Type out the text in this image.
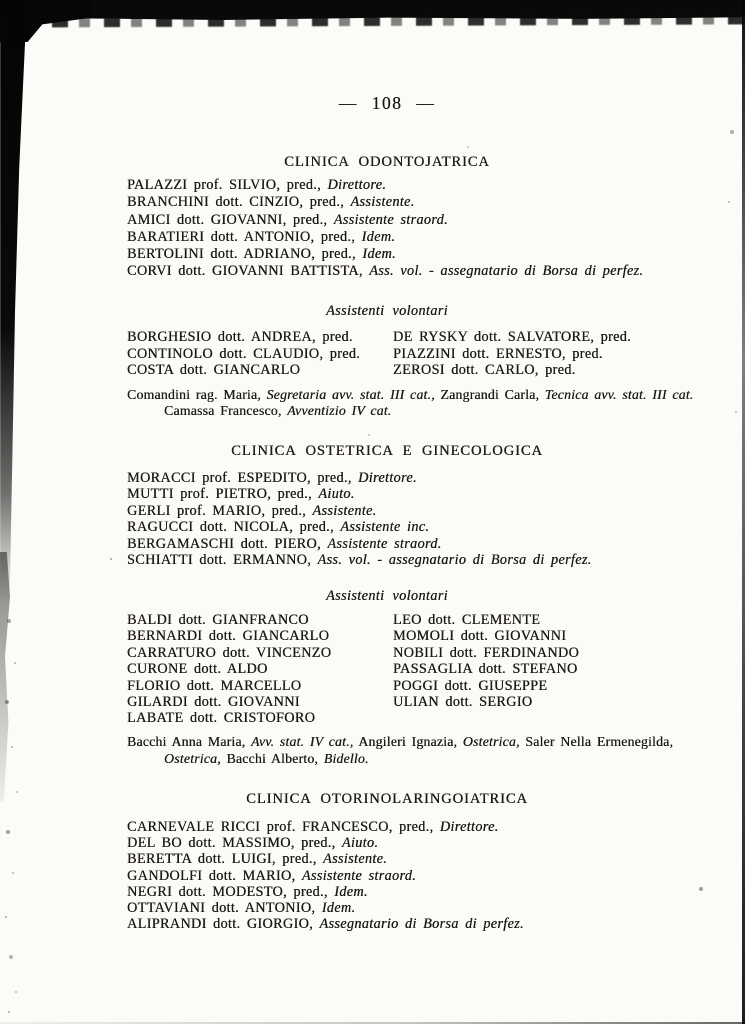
— 108 —
CLINICA ODONTOJATRICA
PALAZZI prof. SILVIO, pred., Direttore.
BRANCHINI dott. CINZIO, pred., Assistente.
AMICI dott. GIOVANNI, pred., Assistente straord.
BARATIERI dott. ANTONIO, pred., Idem.
BERTOLINI dott. ADRIANO, pred., Idem.
CORVI dott. GIOVANNI BATTISTA, Ass. vol. - assegnatario di Borsa di perfez.
Assistenti volontari
BORGHESIO dott. ANDREA, pred.
CONTINOLO dott. CLAUDIO, pred.
COSTA dott. GIANCARLO
DE RYSKY dott. SALVATORE, pred.
PIAZZINI dott. ERNESTO, pred.
ZEROSI dott. CARLO, pred.
Comandini rag. Maria, Segretaria avv. stat. III cat., Zangrandi Carla, Tecnica avv. stat. III cat.
Camassa Francesco, Avventizio IV cat.
CLINICA OSTETRICA E GINECOLOGICA
MORACCI prof. ESPEDITO, pred., Direttore.
MUTTI prof. PIETRO, pred., Aiuto.
GERLI prof. MARIO, pred., Assistente.
RAGUCCI dott. NICOLA, pred., Assistente inc.
BERGAMASCHI dott. PIERO, Assistente straord.
SCHIATTI dott. ERMANNO, Ass. vol. - assegnatario di Borsa di perfez.
Assistenti volontari
BALDI dott. GIANFRANCO
BERNARDI dott. GIANCARLO
CARRATURO dott. VINCENZO
CURONE dott. ALDO
FLORIO dott. MARCELLO
GILARDI dott. GIOVANNI
LABATE dott. CRISTOFORO
LEO dott. CLEMENTE
MOMOLI dott. GIOVANNI
NOBILI dott. FERDINANDO
PASSAGLIA dott. STEFANO
POGGI dott. GIUSEPPE
ULIAN dott. SERGIO
Bacchi Anna Maria, Avv. stat. IV cat., Angileri Ignazia, Ostetrica, Saler Nella Ermenegilda,
Ostetrica, Bacchi Alberto, Bidello.
CLINICA OTORINOLARINGOIATRICA
CARNEVALE RICCI prof. FRANCESCO, pred., Direttore.
DEL BO dott. MASSIMO, pred., Aiuto.
BERETTA dott. LUIGI, pred., Assistente.
GANDOLFI dott. MARIO, Assistente straord.
NEGRI dott. MODESTO, pred., Idem.
OTTAVIANI dott. ANTONIO, Idem.
ALIPRANDI dott. GIORGIO, Assegnatario di Borsa di perfez.
